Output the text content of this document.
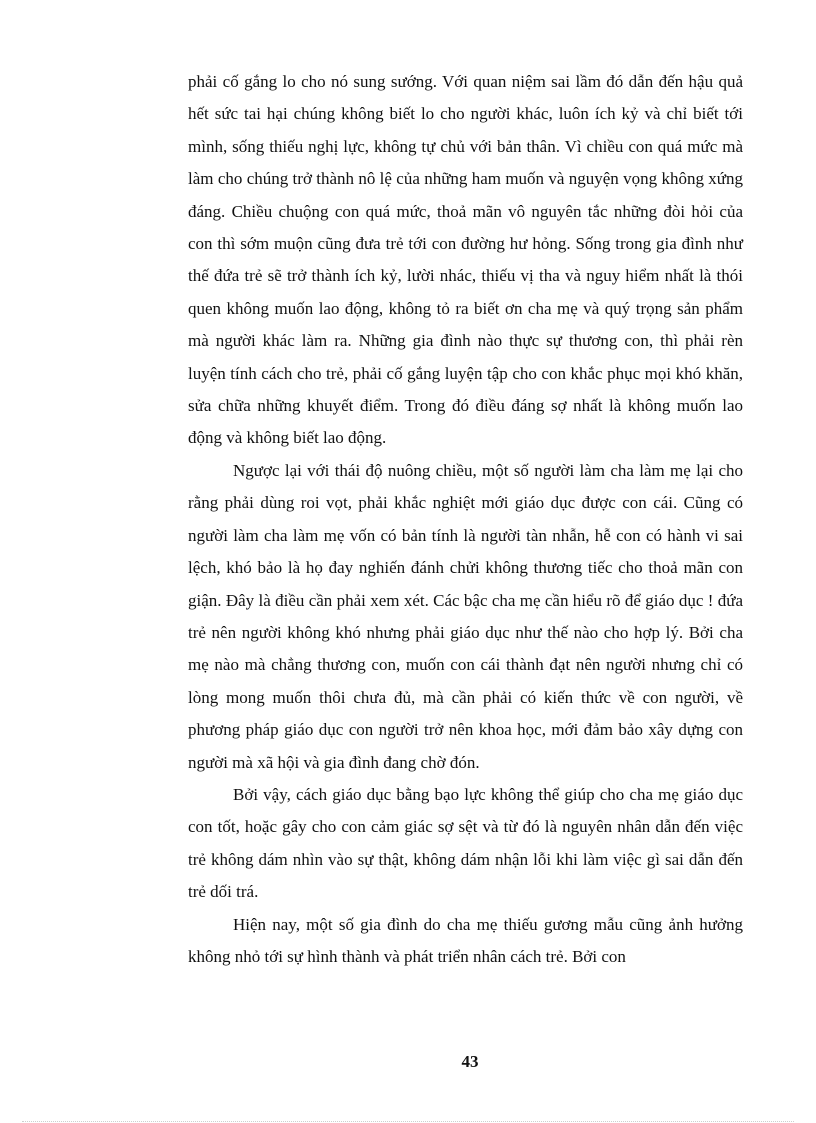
phải cố gắng lo cho nó sung sướng. Với quan niệm sai lầm đó dẫn đến hậu quả hết sức tai hại chúng không biết lo cho người khác, luôn ích kỷ và chỉ biết tới mình, sống thiếu nghị lực, không tự chủ với bản thân. Vì chiều con quá mức mà làm cho chúng trở thành nô lệ của những ham muốn và nguyện vọng không xứng đáng. Chiều chuộng con quá mức, thoả mãn vô nguyên tắc những đòi hỏi của con thì sớm muộn cũng đưa trẻ tới con đường hư hỏng. Sống trong gia đình như thế đứa trẻ sẽ trở thành ích kỷ, lười nhác, thiếu vị tha và nguy hiểm nhất là thói quen không muốn lao động, không tỏ ra biết ơn cha mẹ và quý trọng sản phẩm mà người khác làm ra. Những gia đình nào thực sự thương con, thì phải rèn luyện tính cách cho trẻ, phải cố gắng luyện tập cho con khắc phục mọi khó khăn, sửa chữa những khuyết điểm. Trong đó điều đáng sợ nhất là không muốn lao động và không biết lao động.

Ngược lại với thái độ nuông chiều, một số người làm cha làm mẹ lại cho rằng phải dùng roi vọt, phải khắc nghiệt mới giáo dục được con cái. Cũng có người làm cha làm mẹ vốn có bản tính là người tàn nhẫn, hễ con có hành vi sai lệch, khó bảo là họ đay nghiến đánh chửi không thương tiếc cho thoả mãn con giận. Đây là điều cần phải xem xét. Các bậc cha mẹ cần hiểu rõ để giáo dục ! đứa trẻ nên người không khó nhưng phải giáo dục như thế nào cho hợp lý. Bởi cha mẹ nào mà chẳng thương con, muốn con cái thành đạt nên người nhưng chỉ có lòng mong muốn thôi chưa đủ, mà cần phải có kiến thức về con người, về phương pháp giáo dục con người trở nên khoa học, mới đảm bảo xây dựng con người mà xã hội và gia đình đang chờ đón.

Bởi vậy, cách giáo dục bằng bạo lực không thể giúp cho cha mẹ giáo dục con tốt, hoặc gây cho con cảm giác sợ sệt và từ đó là nguyên nhân dẫn đến việc trẻ không dám nhìn vào sự thật, không dám nhận lỗi khi làm việc gì sai dẫn đến trẻ dối trá.

Hiện nay, một số gia đình do cha mẹ thiếu gương mẫu cũng ảnh hưởng không nhỏ tới sự hình thành và phát triển nhân cách trẻ. Bởi con

43
